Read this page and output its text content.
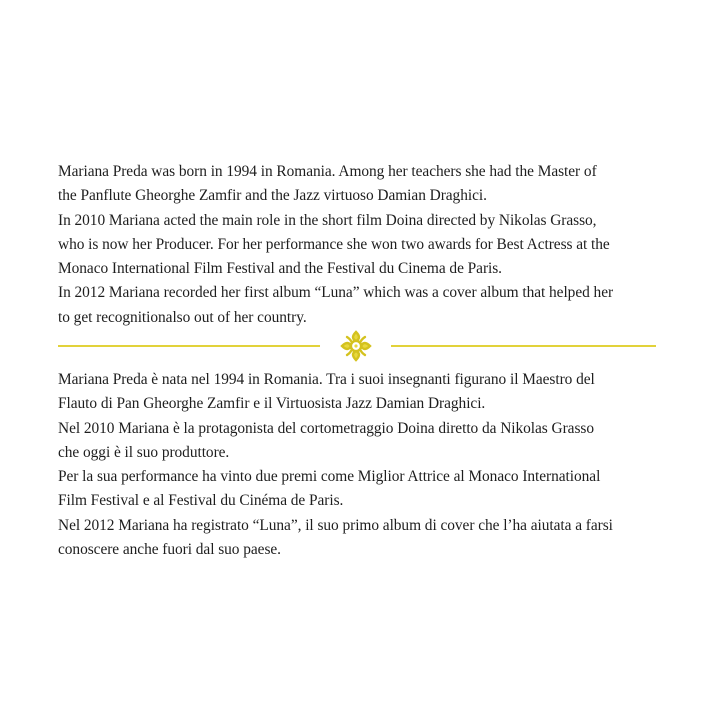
Mariana Preda was born in 1994 in Romania. Among her teachers she had the Master of

the Panflute Gheorghe Zamfir and the Jazz virtuoso Damian Draghici.

In 2010 Mariana acted the main role in the short film Doina directed by Nikolas Grasso,

who is now her Producer. For her performance she won two awards for Best Actress at the

Monaco International Film Festival and the Festival du Cinema de Paris.

In 2012 Mariana recorded her first album “Luna” which was a cover album that helped her

to get recognitionalso out of her country.

Mariana Preda è nata nel 1994 in Romania. Tra i suoi insegnanti figurano il Maestro del

Flauto di Pan Gheorghe Zamfir e il Virtuosista Jazz Damian Draghici.

Nel 2010 Mariana è la protagonista del cortometraggio Doina diretto da Nikolas Grasso

che oggi è il suo produttore.

Per la sua performance ha vinto due premi come Miglior Attrice al Monaco International

Film Festival e al Festival du Cinéma de Paris.

Nel 2012 Mariana ha registrato “Luna”, il suo primo album di cover che l’ha aiutata a farsi

conoscere anche fuori dal suo paese.
